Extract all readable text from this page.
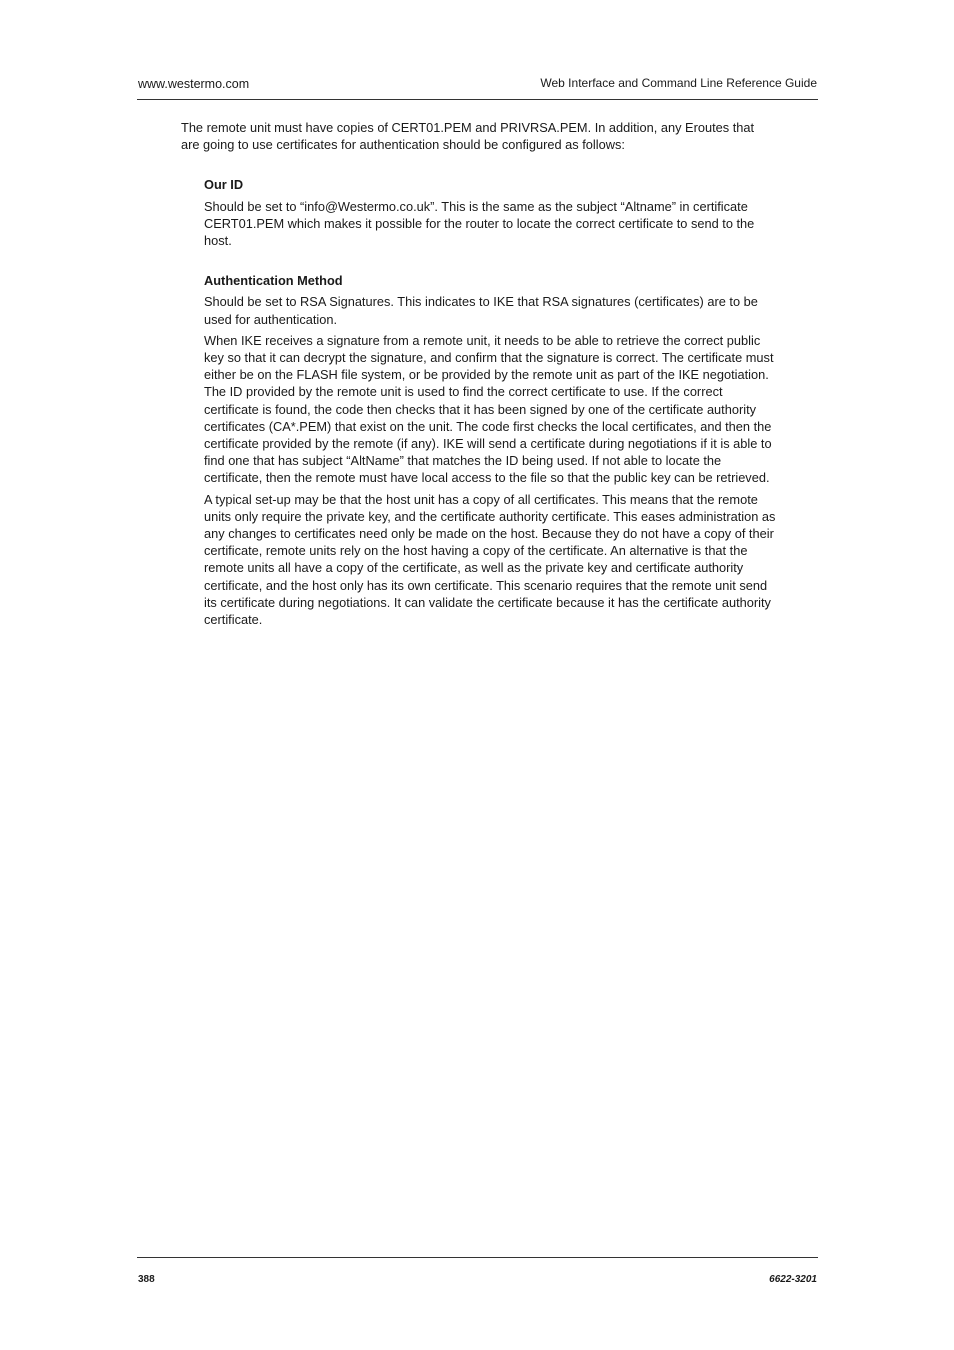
www.westermo.com	Web Interface and Command Line Reference Guide

The remote unit must have copies of CERT01.PEM and PRIVRSA.PEM. In addition, any Eroutes that are going to use certificates for authentication should be configured as follows:

Our ID

Should be set to “info@Westermo.co.uk”. This is the same as the subject “Altname” in certificate CERT01.PEM which makes it possible for the router to locate the correct certificate to send to the host.

Authentication Method

Should be set to RSA Signatures. This indicates to IKE that RSA signatures (certificates) are to be used for authentication.

When IKE receives a signature from a remote unit, it needs to be able to retrieve the correct public key so that it can decrypt the signature, and confirm that the signature is correct. The certificate must either be on the FLASH file system, or be provided by the remote unit as part of the IKE negotiation. The ID provided by the remote unit is used to find the correct certificate to use. If the correct certificate is found, the code then checks that it has been signed by one of the certificate authority certificates (CA*.PEM) that exist on the unit. The code first checks the local certificates, and then the certificate provided by the remote (if any). IKE will send a certificate during negotiations if it is able to find one that has subject “AltName” that matches the ID being used. If not able to locate the certificate, then the remote must have local access to the file so that the public key can be retrieved.

A typical set-up may be that the host unit has a copy of all certificates. This means that the remote units only require the private key, and the certificate authority certificate. This eases administration as any changes to certificates need only be made on the host. Because they do not have a copy of their certificate, remote units rely on the host having a copy of the certificate. An alternative is that the remote units all have a copy of the certificate, as well as the private key and certificate authority certificate, and the host only has its own certificate. This scenario requires that the remote unit send its certificate during negotiations. It can validate the certificate because it has the certificate authority certificate.

388	6622-3201
